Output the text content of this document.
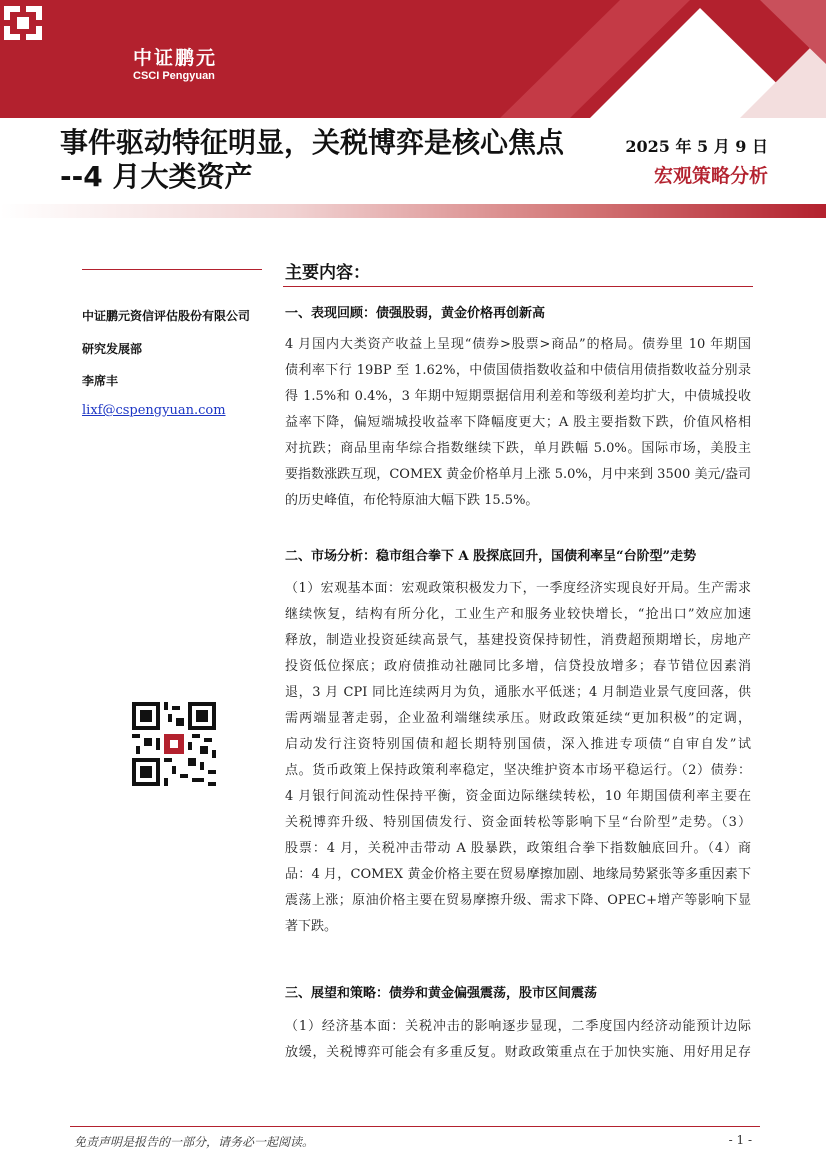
中证鹏元
CSCI Pengyuan
事件驱动特征明显，关税博弈是核心焦点
--4 月大类资产
2025 年 5 月 9 日
宏观策略分析
中证鹏元资信评估股份有限公司
研究发展部
李席丰
lixf@cspengyuan.com
主要内容：
一、表现回顾：债强股弱，黄金价格再创新高
4 月国内大类资产收益上呈现“债券>股票>商品”的格局。债券里 10 年期国
债利率下行 19BP 至 1.62%，中债国债指数收益和中债信用债指数收益分别录
得 1.5%和 0.4%，3 年期中短期票据信用利差和等级利差均扩大，中债城投收
益率下降，偏短端城投收益率下降幅度更大；A 股主要指数下跌，价值风格相
对抗跌；商品里南华综合指数继续下跌，单月跌幅 5.0%。国际市场，美股主
要指数涨跌互现，COMEX 黄金价格单月上涨 5.0%，月中来到 3500 美元/盎司
的历史峰值，布伦特原油大幅下跌 15.5%。
二、市场分析：稳市组合拳下 A 股探底回升，国债利率呈“台阶型”走势
（1）宏观基本面：宏观政策积极发力下，一季度经济实现良好开局。生产需求
继续恢复，结构有所分化，工业生产和服务业较快增长，“抢出口”效应加速
释放，制造业投资延续高景气，基建投资保持韧性，消费超预期增长，房地产
投资低位探底；政府债推动社融同比多增，信贷投放增多；春节错位因素消
退，3 月 CPI 同比连续两月为负，通胀水平低迷；4 月制造业景气度回落，供
需两端显著走弱，企业盈利端继续承压。财政政策延续“更加积极”的定调，
启动发行注资特别国债和超长期特别国债，深入推进专项债“自审自发”试
点。货币政策上保持政策利率稳定，坚决维护资本市场平稳运行。（2）债券：
4 月银行间流动性保持平衡，资金面边际继续转松，10 年期国债利率主要在
关税博弈升级、特别国债发行、资金面转松等影响下呈“台阶型”走势。（3）
股票：4 月，关税冲击带动 A 股暴跌，政策组合拳下指数触底回升。（4）商
品：4 月，COMEX 黄金价格主要在贸易摩擦加剧、地缘局势紧张等多重因素下
震荡上涨；原油价格主要在贸易摩擦升级、需求下降、OPEC+增产等影响下显
著下跌。
三、展望和策略：债券和黄金偏强震荡，股市区间震荡
（1）经济基本面：关税冲击的影响逐步显现，二季度国内经济动能预计边际
放缓，关税博弈可能会有多重反复。财政政策重点在于加快实施、用好用足存
免责声明是报告的一部分，请务必一起阅读。	- 1 -
